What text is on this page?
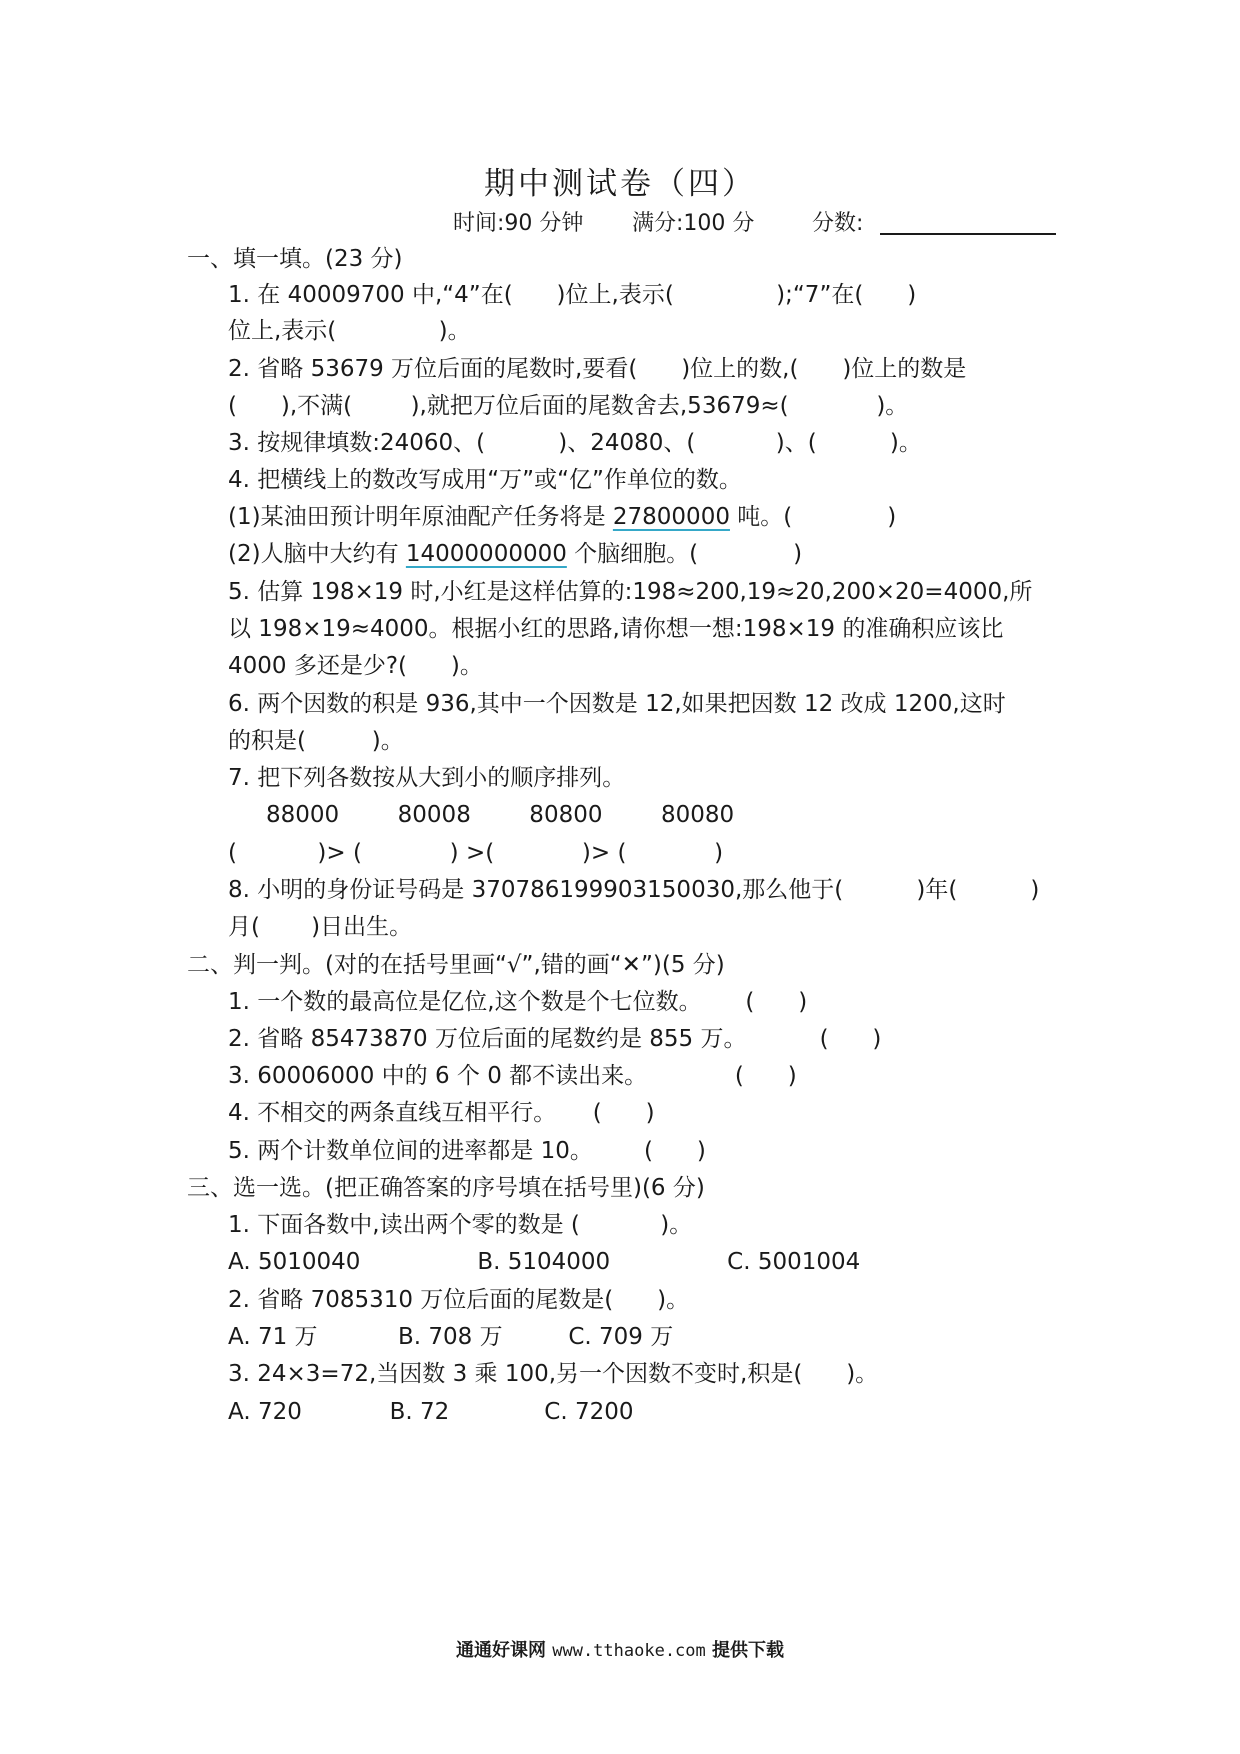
期中测试卷（四）
时间:90 分钟 满分:100 分	分数:
一、填一填。(23 分)
1. 在 40009700 中,“4”在(      )位上,表示(              );“7”在(      )
位上,表示(              )。
2. 省略 53679 万位后面的尾数时,要看(      )位上的数,(      )位上的数是
(      ),不满(        ),就把万位后面的尾数舍去,53679≈(            )。
3. 按规律填数:24060、(          )、24080、(           )、(          )。
4. 把横线上的数改写成用“万”或“亿”作单位的数。
(1)某油田预计明年原油配产任务将是 27800000 吨。(             )
(2)人脑中大约有 14000000000 个脑细胞。(             )
5. 估算 198×19 时,小红是这样估算的:198≈200,19≈20,200×20=4000,所
以 198×19≈4000。根据小红的思路,请你想一想:198×19 的准确积应该比
4000 多还是少?(      )。
6. 两个因数的积是 936,其中一个因数是 12,如果把因数 12 改成 1200,这时
的积是(         )。
7. 把下列各数按从大到小的顺序排列。
88000        80008        80800        80080
(           )> (            ) >(            )> (            )
8. 小明的身份证号码是 370786199903150030,那么他于(          )年(          )
月(       )日出生。
二、判一判。(对的在括号里画“√”,错的画“✕”)(5 分)
1. 一个数的最高位是亿位,这个数是个七位数。      (      )
2. 省略 85473870 万位后面的尾数约是 855 万。          (      )
3. 60006000 中的 6 个 0 都不读出来。            (      )
4. 不相交的两条直线互相平行。     (      )
5. 两个计数单位间的进率都是 10。       (      )
三、选一选。(把正确答案的序号填在括号里)(6 分)
1. 下面各数中,读出两个零的数是 (           )。
A. 5010040                B. 5104000                C. 5001004
2. 省略 7085310 万位后面的尾数是(      )。
A. 71 万           B. 708 万         C. 709 万
3. 24×3=72,当因数 3 乘 100,另一个因数不变时,积是(      )。
A. 720            B. 72             C. 7200
通通好课网 www.tthaoke.com 提供下载
